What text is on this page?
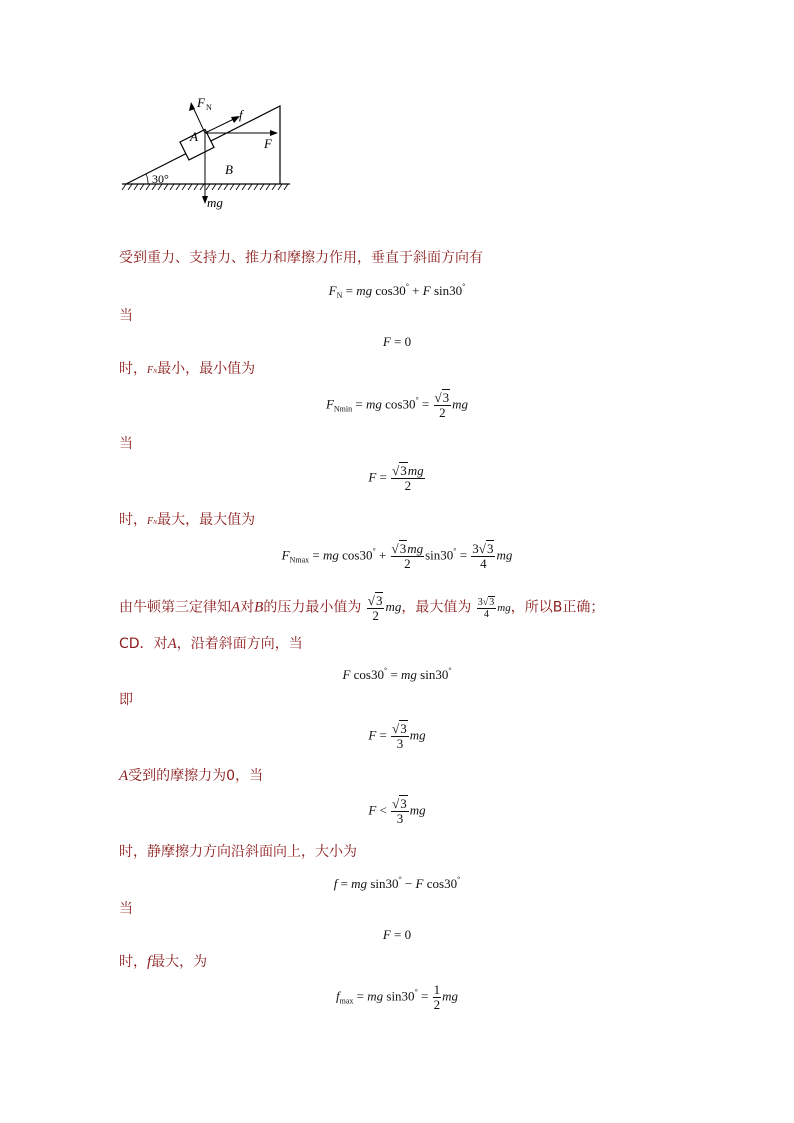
F N
A
f
F
B
30°
mg
受到重力、支持力、推力和摩擦力作用，垂直于斜面方向有
$F_N$ = mg cos30° + F sin30°
当
F = 0
时，FN最小，最小值为
$F_{Nmin}$ = mg $\cos 30^\circ = \frac{√3}{2}$ mg
当
$F = \frac{√3mg}{2}$
时，FN最大，最大值为
$F_{Nmax}$ = mg $\cos 30^\circ + \frac{√3mg}{2} \sin 30^\circ = \frac{3√3}{4}$ mg
由牛顿第三定律知A对B的压力最小值为 $\frac{√3}{2}$ mg，最大值为 $\frac{3√3}{4}$ mg，所以B正确；
CD．对A，沿着斜面方向，当
F cos30° = mg sin30°
即
$F = \frac{√3}{3}$ mg
A受到的摩擦力为0，当
$F < \frac{√3}{3}$ mg
时，静摩擦力方向沿斜面向上，大小为
f = mg sin30° − F cos30°
当
F = 0
时，f最大，为
$f_{max}$ = mg $\sin 30^\circ = \frac{1}{2}$ mg
